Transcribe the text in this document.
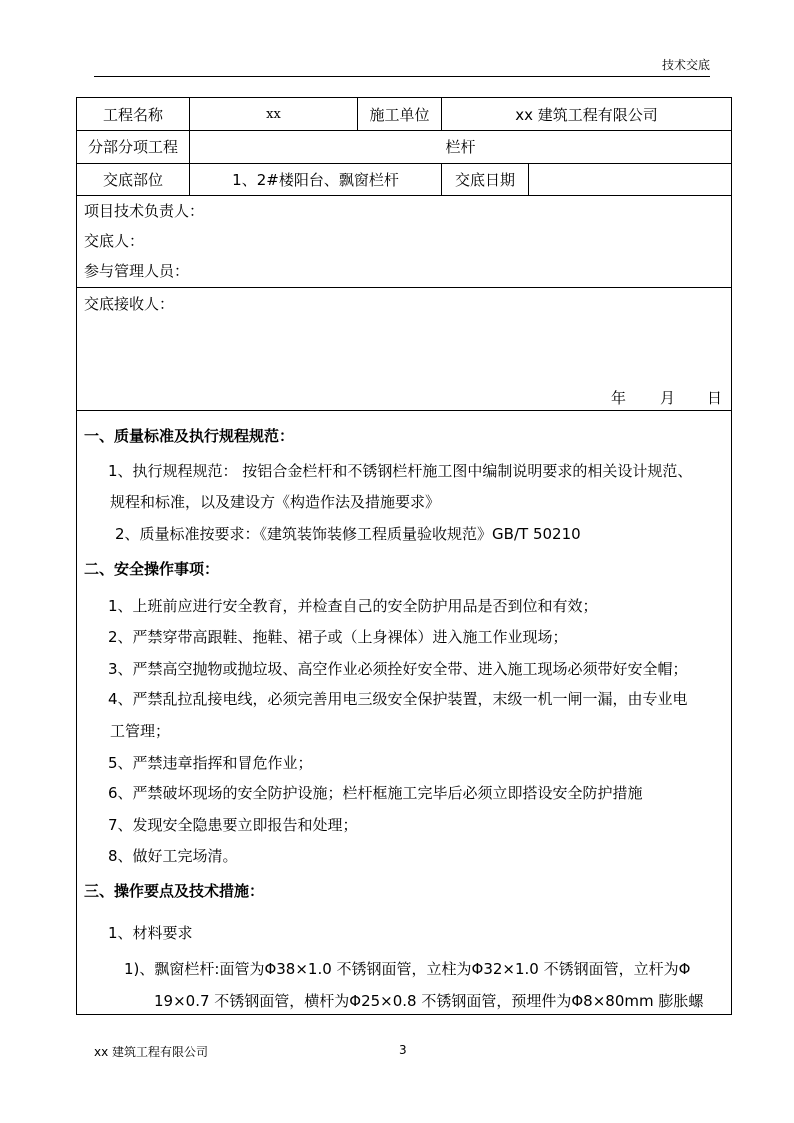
技术交底
工程名称	xx	施工单位	xx 建筑工程有限公司
分部分项工程	栏杆
交底部位	1、2#楼阳台、飘窗栏杆	交底日期
项目技术负责人：
交底人：
参与管理人员：
交底接收人：
年 月 日
一、质量标准及执行规程规范：
1、执行规程规范： 按铝合金栏杆和不锈钢栏杆施工图中编制说明要求的相关设计规范、
规程和标准，以及建设方《构造作法及措施要求》
2、质量标准按要求：《建筑装饰装修工程质量验收规范》GB/T 50210
二、安全操作事项：
1、上班前应进行安全教育，并检查自己的安全防护用品是否到位和有效；
2、严禁穿带高跟鞋、拖鞋、裙子或（上身裸体）进入施工作业现场；
3、严禁高空抛物或抛垃圾、高空作业必须拴好安全带、进入施工现场必须带好安全帽；
4、严禁乱拉乱接电线，必须完善用电三级安全保护装置，末级一机一闸一漏，由专业电
工管理；
5、严禁违章指挥和冒危作业；
6、严禁破坏现场的安全防护设施；栏杆框施工完毕后必须立即搭设安全防护措施
7、发现安全隐患要立即报告和处理；
8、做好工完场清。
三、操作要点及技术措施：
1、材料要求
1)、飘窗栏杆:面管为Φ38×1.0 不锈钢面管，立柱为Φ32×1.0 不锈钢面管，立杆为Φ
19×0.7 不锈钢面管，横杆为Φ25×0.8 不锈钢面管，预埋件为Φ8×80mm 膨胀螺
xx 建筑工程有限公司	3
